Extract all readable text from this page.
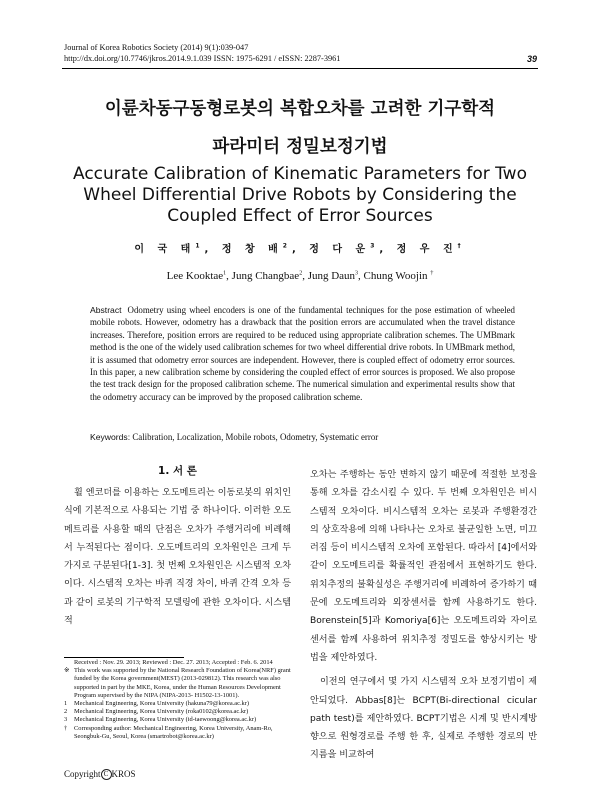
Journal of Korea Robotics Society (2014) 9(1):039-047
http://dx.doi.org/10.7746/jkros.2014.9.1.039 ISSN: 1975-6291 / eISSN: 2287-3961	39
이륜차동구동형로봇의 복합오차를 고려한 기구학적
파라미터 정밀보정기법
Accurate Calibration of Kinematic Parameters for Two
Wheel Differential Drive Robots by Considering the
Coupled Effect of Error Sources
이 국 태$^1$, 정 창 배$^2$, 정 다 운$^3$, 정 우 진†
Lee Kooktae$^1$, Jung Changbae$^2$, Jung Daun$^3$, Chung Woojin †
Abstract Odometry using wheel encoders is one of the fundamental techniques for the pose estimation of wheeled mobile robots. However, odometry has a drawback that the position errors are accumulated when the travel distance increases. Therefore, position errors are required to be reduced using appropriate calibration schemes. The UMBmark method is the one of the widely used calibration schemes for two wheel differential drive robots. In UMBmark method, it is assumed that odometry error sources are independent. However, there is coupled effect of odometry error sources. In this paper, a new calibration scheme by considering the coupled effect of error sources is proposed. We also propose the test track design for the proposed calibration scheme. The numerical simulation and experimental results show that the odometry accuracy can be improved by the proposed calibration scheme.
Keywords: Calibration, Localization, Mobile robots, Odometry, Systematic error
1. 서 론

휠 엔코더를 이용하는 오도메트리는 이동로봇의 위치인식에 기본적으로 사용되는 기법 중 하나이다. 이러한 오도메트리를 사용할 때의 단점은 오차가 주행거리에 비례해서 누적된다는 점이다. 오도메트리의 오차원인은 크게 두가지로 구분된다[1-3]. 첫 번째 오차원인은 시스템적 오차이다. 시스템적 오차는 바퀴 직경 차이, 바퀴 간격 오차 등과 같이 로봇의 기구학적 모델링에 관한 오차이다. 시스템적

오차는 주행하는 동안 변하지 않기 때문에 적절한 보정을 통해 오차를 감소시킬 수 있다. 두 번째 오차원인은 비시스템적 오차이다. 비시스템적 오차는 로봇과 주행환경간의 상호작용에 의해 나타나는 오차로 불균일한 노면, 미끄러짐 등이 비시스템적 오차에 포함된다. 따라서 [4]에서와 같이 오도메트리를 확률적인 관점에서 표현하기도 한다. 위치추정의 불확실성은 주행거리에 비례하여 증가하기 때문에 오도메트리와 외장센서를 함께 사용하기도 한다. Borenstein[5]과 Komoriya[6]는 오도메트리와 자이로 센서를 함께 사용하여 위치추정 정밀도를 향상시키는 방법을 제안하였다.

이전의 연구에서 몇 가지 시스템적 오차 보정기법이 제안되었다. Abbas[8]는 BCPT(Bi-directional cicular path test)를 제안하였다. BCPT기법은 시계 및 반시계방향으로 원형경로를 주행 한 후, 실제로 주행한 경로의 반지름을 비교하여

Received : Nov. 29. 2013; Reviewed : Dec. 27. 2013; Accepted : Feb. 6. 2014
※ This work was supported by the National Research Foundation of Korea(NRF) grant funded by the Korea government(MEST) (2013-029812). This research was also supported in part by the MKE, Korea, under the Human Resources Development Program supervised by the NIPA (NIPA-2013- H1502-13-1001).
1	Mechanical Engineering, Korea University (hakuna79@korea.ac.kr)
2	Mechanical Engineering, Korea University (roka0102@korea.ac.kr)
3	Mechanical Engineering, Korea University (id-taewoong@korea.ac.kr)
†	Corresponding author: Mechanical Engineering, Korea University, Anam-Ro, Seongbuk-Gu, Seoul, Korea (smartrobot@korea.ac.kr)
Copyright C KROS
